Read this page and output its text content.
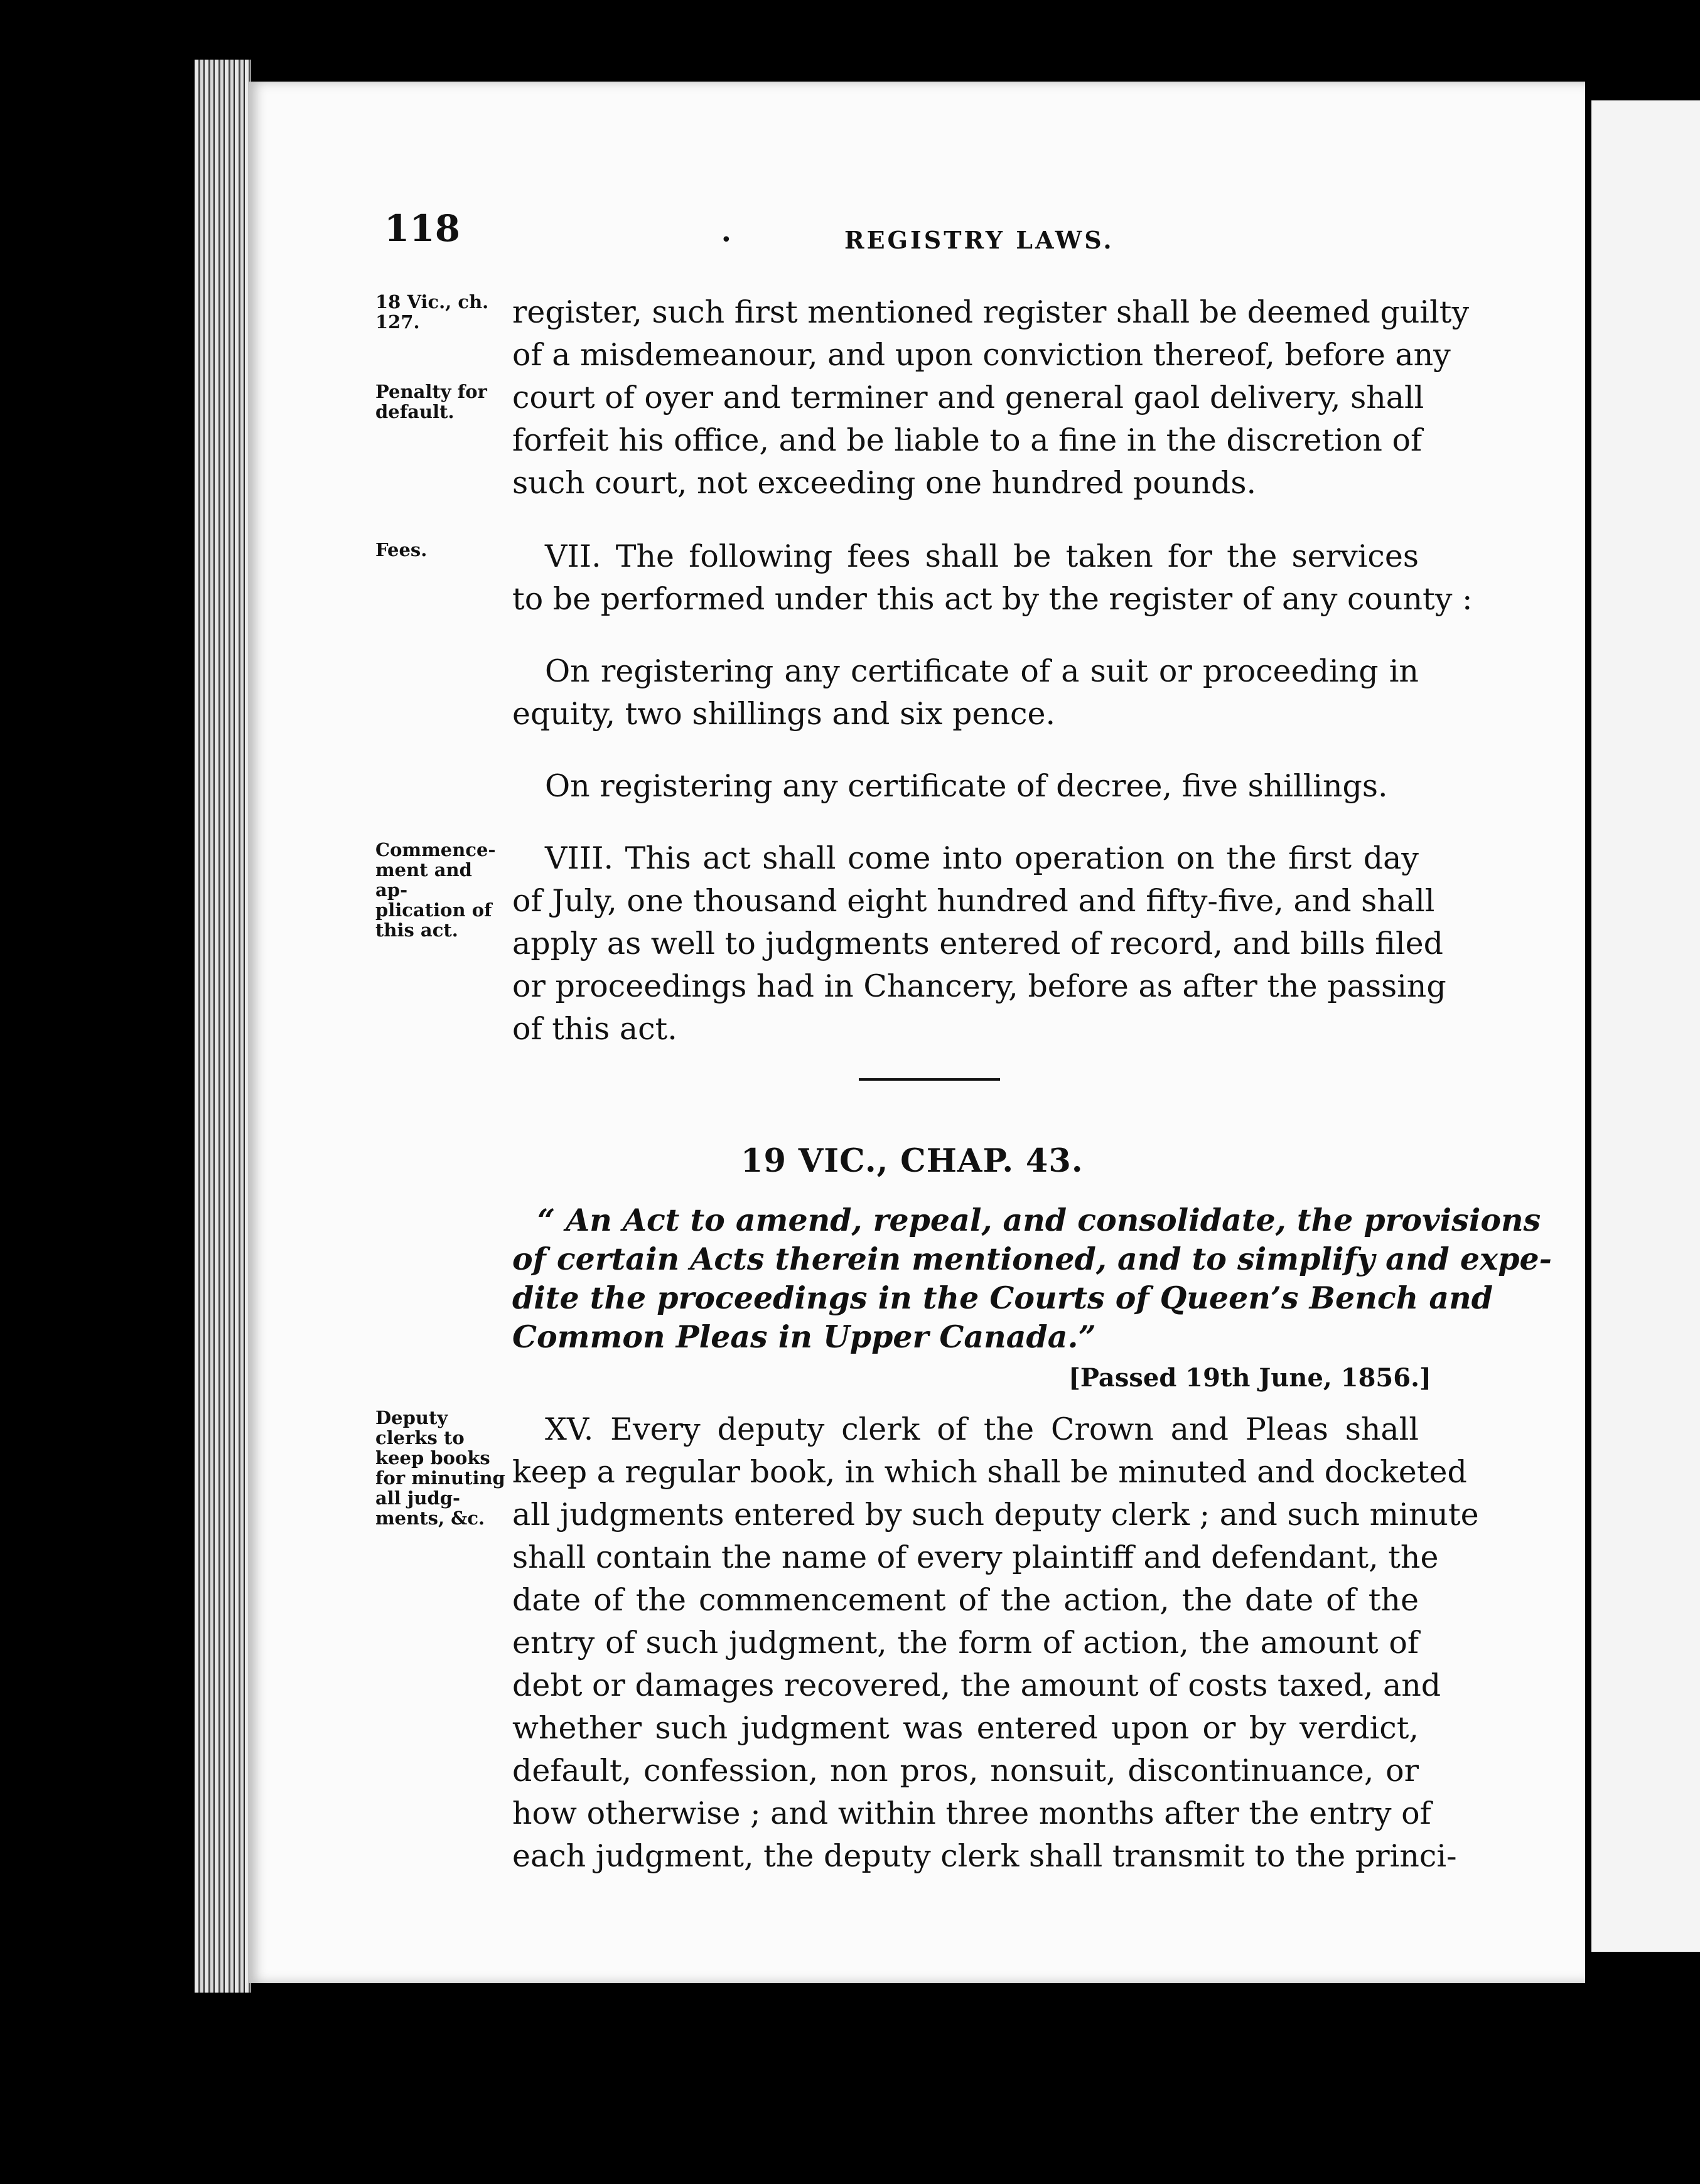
118	•	REGISTRY LAWS.
18 Vic., ch. 127.
Penalty for default.
Fees.
Commence-
ment and ap-
plication of
this act.
Deputy
clerks to
keep books
for minuting
all judg-
ments, &c.
register, such first mentioned register shall be deemed guilty
of a misdemeanour, and upon conviction thereof, before any
court of oyer and terminer and general gaol delivery, shall
forfeit his office, and be liable to a fine in the discretion of
such court, not exceeding one hundred pounds.
VII. The following fees shall be taken for the services
to be performed under this act by the register of any county :
On registering any certificate of a suit or proceeding in
equity, two shillings and six pence.
On registering any certificate of decree, five shillings.
VIII. This act shall come into operation on the first day
of July, one thousand eight hundred and fifty-five, and shall
apply as well to judgments entered of record, and bills filed
or proceedings had in Chancery, before as after the passing
of this act.
19 VIC., CHAP. 43.
“ An Act to amend, repeal, and consolidate, the provisions
of certain Acts therein mentioned, and to simplify and expe-
dite the proceedings in the Courts of Queen’s Bench and
Common Pleas in Upper Canada.”
[Passed 19th June, 1856.]
XV. Every deputy clerk of the Crown and Pleas shall
keep a regular book, in which shall be minuted and docketed
all judgments entered by such deputy clerk ; and such minute
shall contain the name of every plaintiff and defendant, the
date of the commencement of the action, the date of the
entry of such judgment, the form of action, the amount of
debt or damages recovered, the amount of costs taxed, and
whether such judgment was entered upon or by verdict,
default, confession, non pros, nonsuit, discontinuance, or
how otherwise ; and within three months after the entry of
each judgment, the deputy clerk shall transmit to the princi-
